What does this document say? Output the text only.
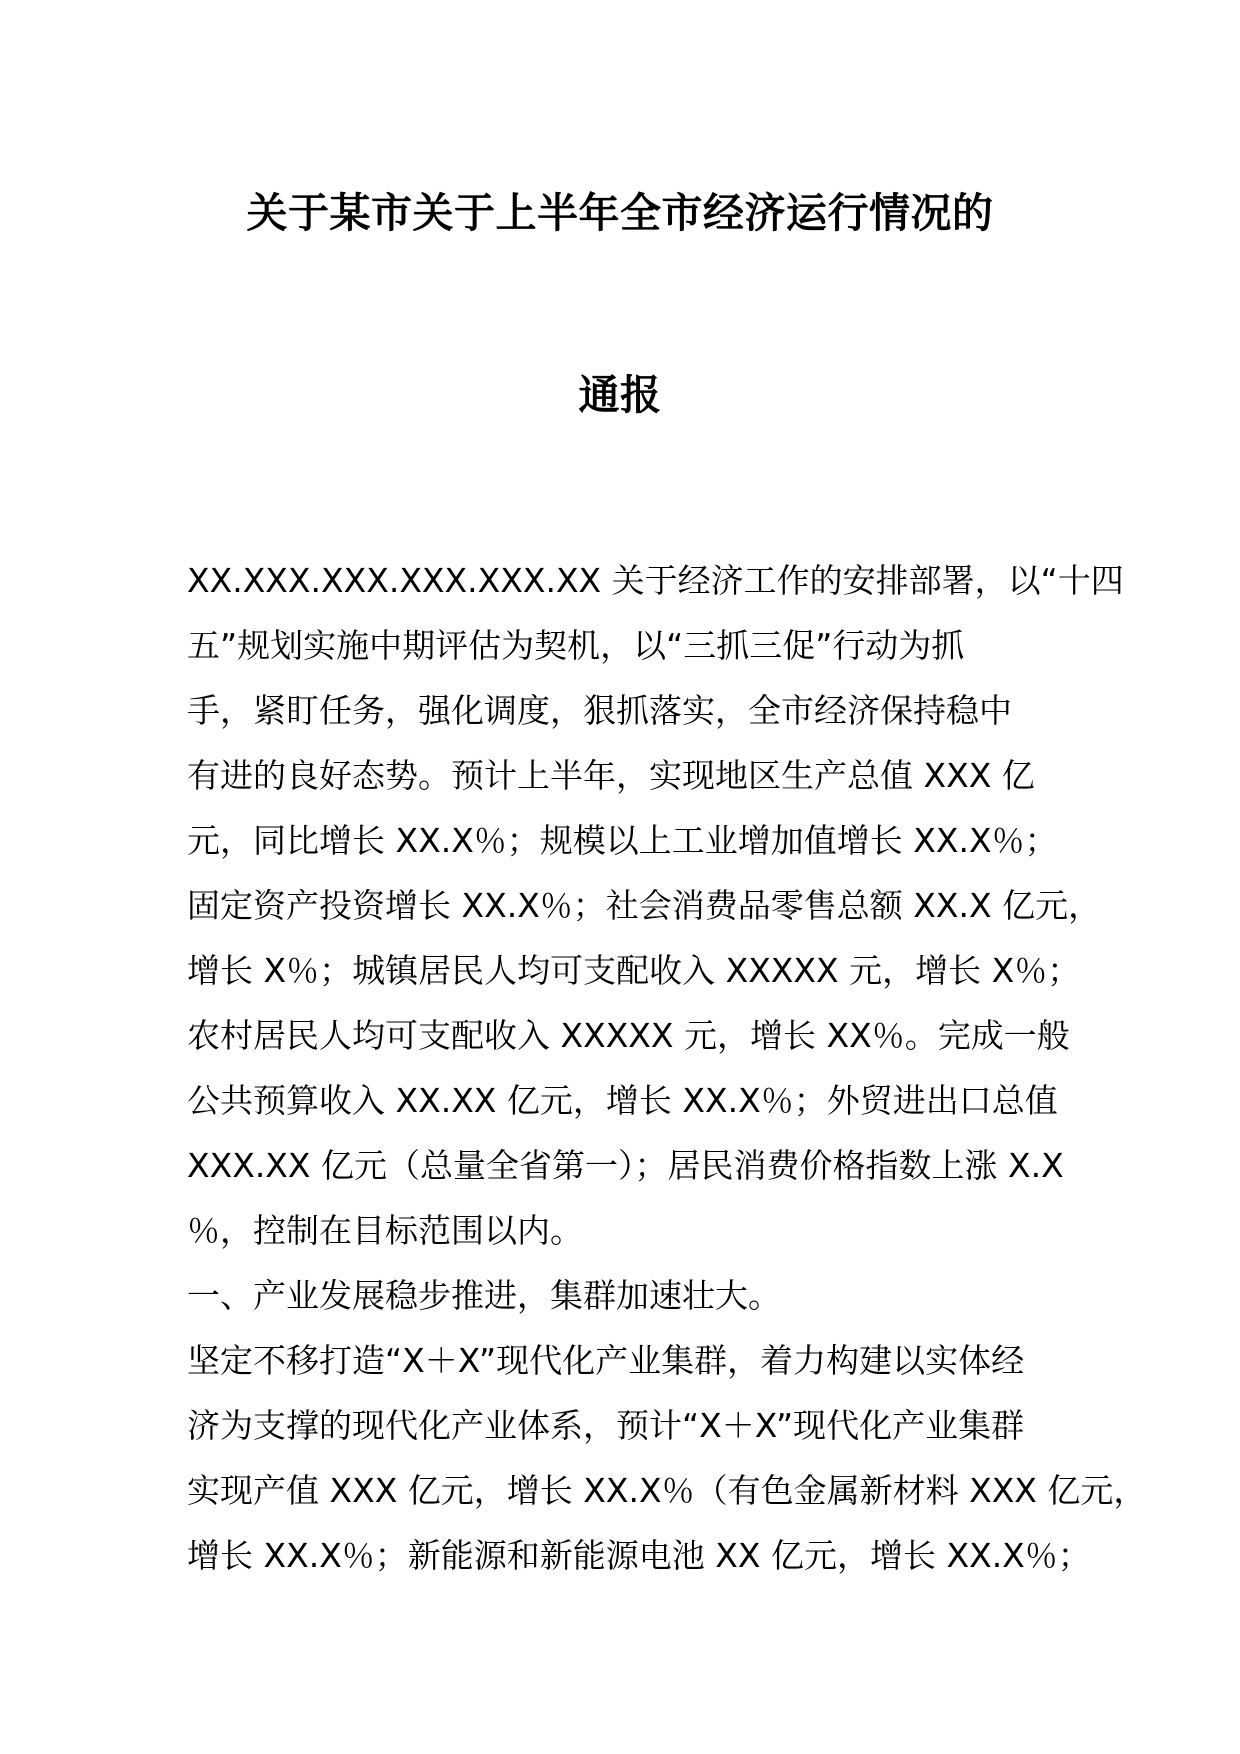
关于某市关于上半年全市经济运行情况的
通报
XX.XXX.XXX.XXX.XXX.XX 关于经济工作的安排部署，以“十四
五”规划实施中期评估为契机，以“三抓三促”行动为抓
手，紧盯任务，强化调度，狠抓落实，全市经济保持稳中
有进的良好态势。预计上半年，实现地区生产总值 XXX 亿
元，同比增长 XX.X％；规模以上工业增加值增长 XX.X％；
固定资产投资增长 XX.X％；社会消费品零售总额 XX.X 亿元，
增长 X％；城镇居民人均可支配收入 XXXXX 元，增长 X％；
农村居民人均可支配收入 XXXXX 元，增长 XX％。完成一般
公共预算收入 XX.XX 亿元，增长 XX.X％；外贸进出口总值
XXX.XX 亿元（总量全省第一）；居民消费价格指数上涨 X.X
％，控制在目标范围以内。
一、产业发展稳步推进，集群加速壮大。
坚定不移打造“X＋X”现代化产业集群，着力构建以实体经
济为支撑的现代化产业体系，预计“X＋X”现代化产业集群
实现产值 XXX 亿元，增长 XX.X％（有色金属新材料 XXX 亿元，
增长 XX.X％；新能源和新能源电池 XX 亿元，增长 XX.X％；
